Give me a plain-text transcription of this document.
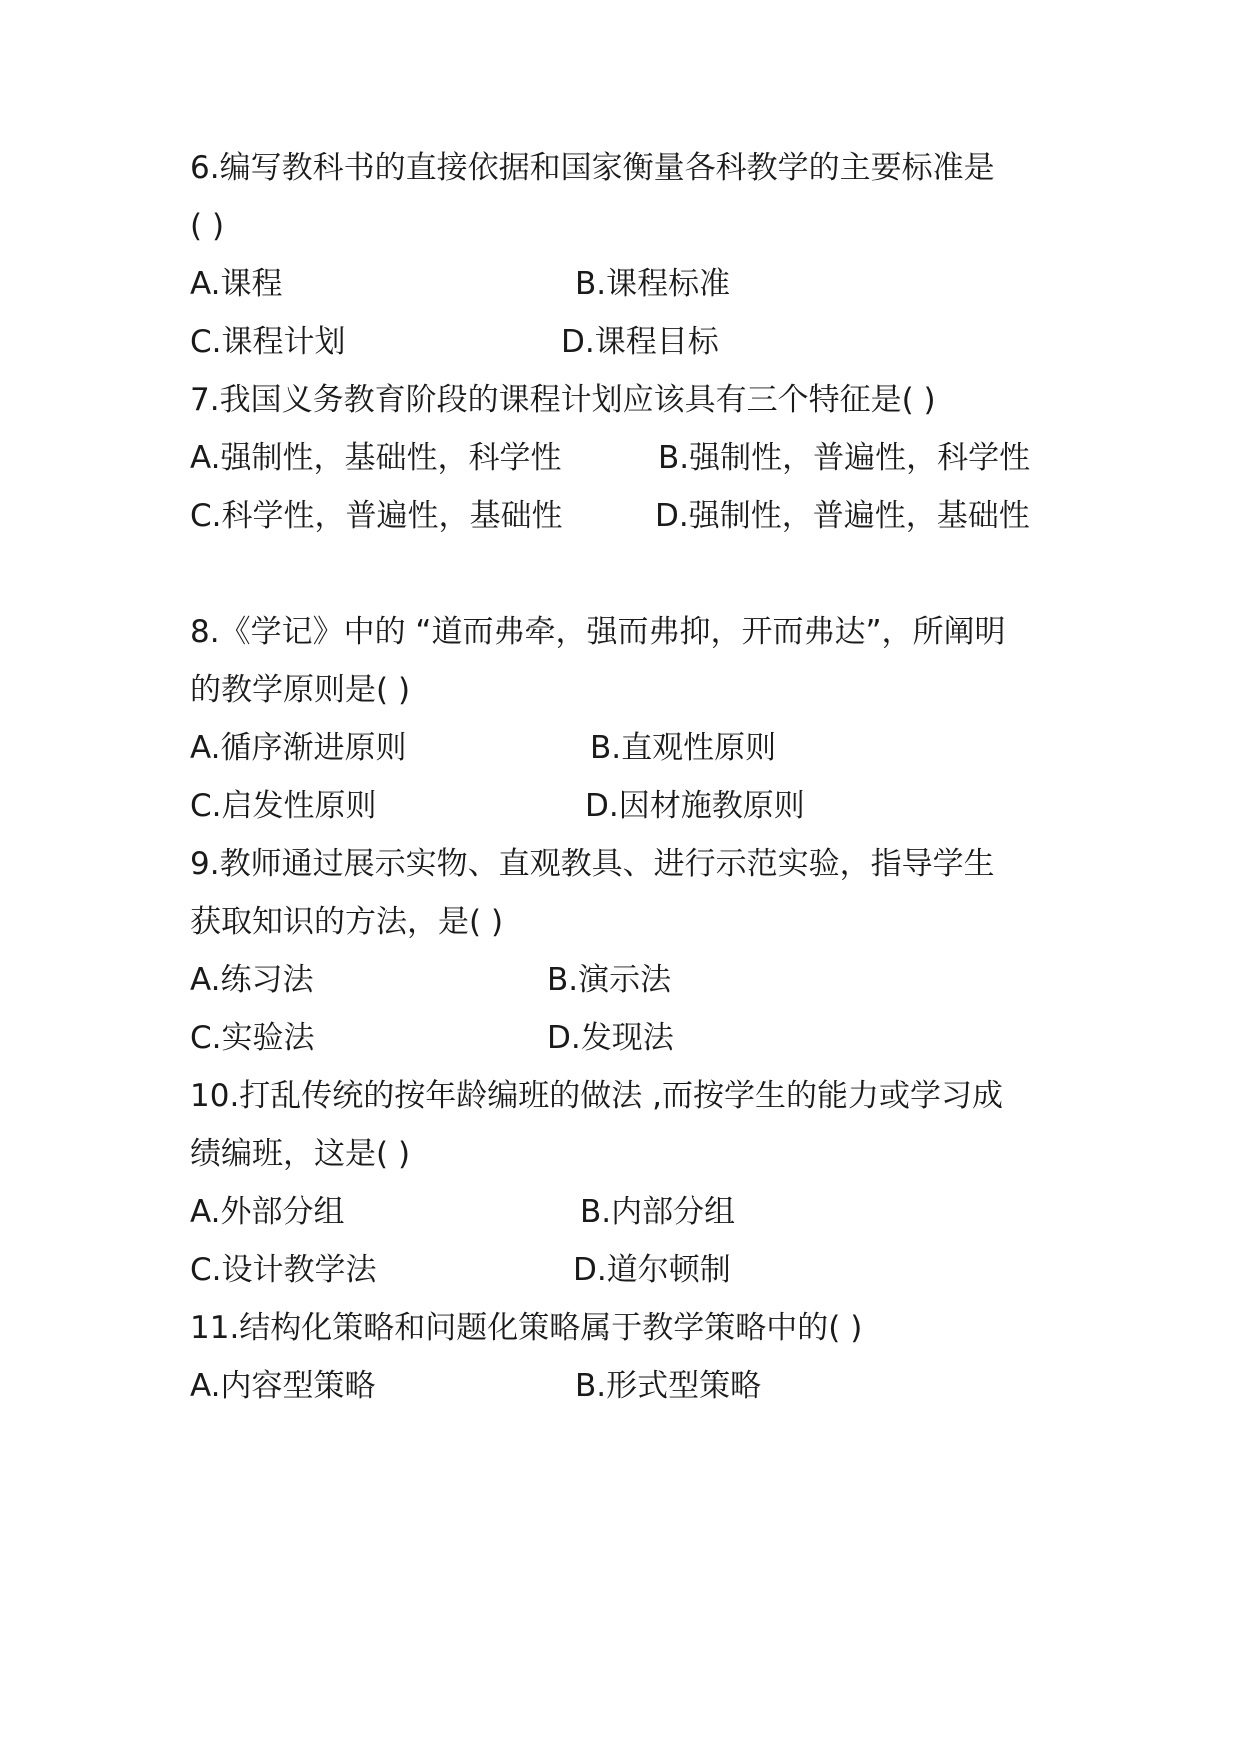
6.编写教科书的直接依据和国家衡量各科教学的主要标准是
( )
A.课程	B.课程标准
C.课程计划	D.课程目标
7.我国义务教育阶段的课程计划应该具有三个特征是( )
A.强制性，基础性，科学性	B.强制性，普遍性，科学性
C.科学性，普遍性，基础性	D.强制性，普遍性，基础性
8.《学记》中的 “道而弗牵，强而弗抑，开而弗达”，所阐明
的教学原则是( )
A.循序渐进原则	B.直观性原则
C.启发性原则	D.因材施教原则
9.教师通过展示实物、直观教具、进行示范实验，指导学生
获取知识的方法，是( )
A.练习法	B.演示法
C.实验法	D.发现法
10.打乱传统的按年龄编班的做法 ,而按学生的能力或学习成
绩编班，这是( )
A.外部分组	B.内部分组
C.设计教学法	D.道尔顿制
11.结构化策略和问题化策略属于教学策略中的( )
A.内容型策略	B.形式型策略
